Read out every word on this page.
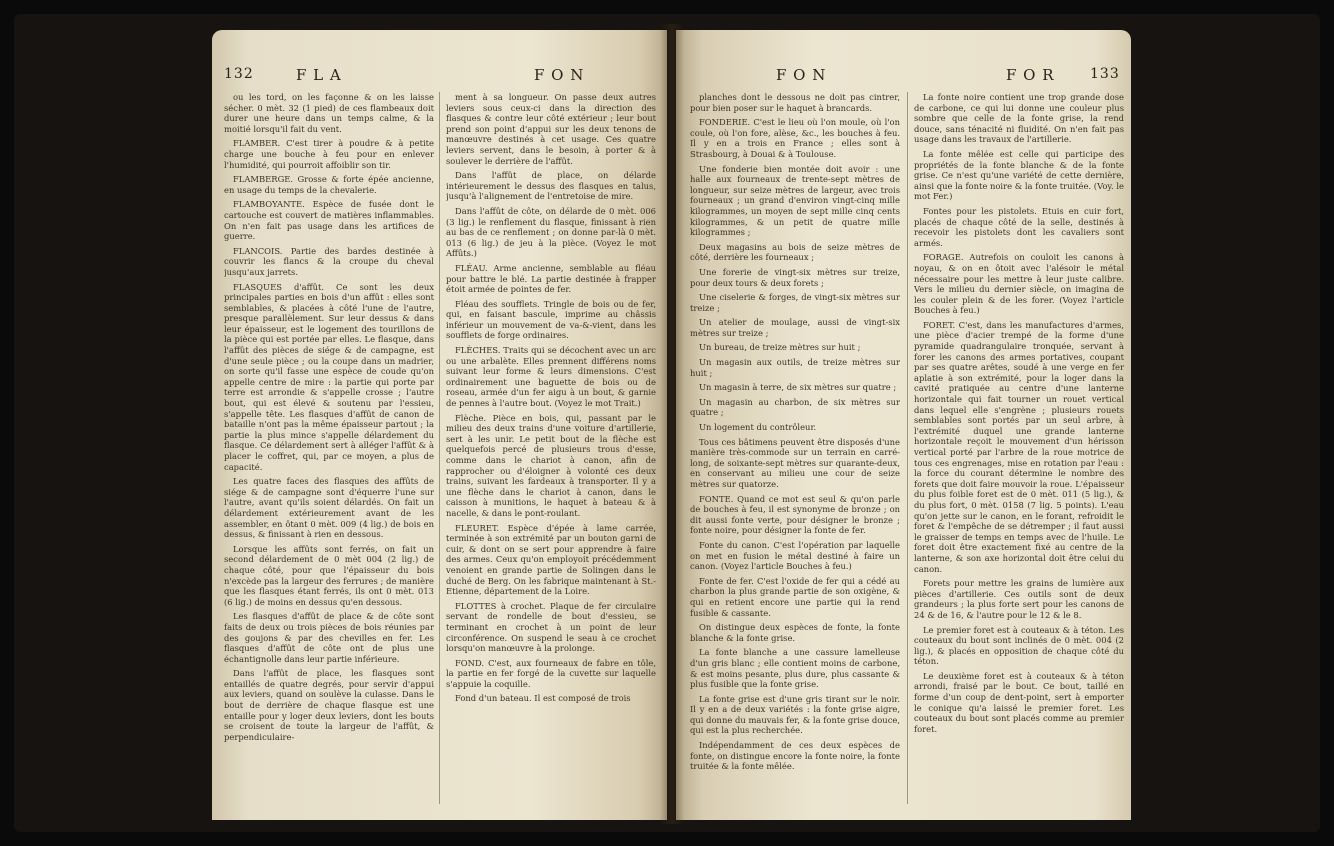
132	F L A	F O N

ou les tord, on les façonne & on les laisse sécher. 0 mèt. 32 (1 pied) de ces flambeaux doit durer une heure dans un temps calme, & la moitié lorsqu'il fait du vent.

FLAMBER. C'est tirer à poudre & à petite charge une bouche à feu pour en enlever l'humidité, qui pourroit affoiblir son tir.

FLAMBERGE. Grosse & forte épée ancienne, en usage du temps de la chevalerie.

FLAMBOYANTE. Espèce de fusée dont le cartouche est couvert de matières inflammables. On n'en fait pas usage dans les artifices de guerre.

FLANCOIS. Partie des bardes destinée à couvrir les flancs & la croupe du cheval jusqu'aux jarrets.

FLASQUES d'affût. Ce sont les deux principales parties en bois d'un affût : elles sont semblables, & placées à côté l'une de l'autre, presque parallèlement. Sur leur dessus & dans leur épaisseur, est le logement des tourillons de la pièce qui est portée par elles. Le flasque, dans l'affût des pièces de siége & de campagne, est d'une seule pièce ; ou la coupe dans un madrier, on sorte qu'il fasse une espèce de coude qu'on appelle centre de mire : la partie qui porte par terre est arrondie & s'appelle crosse ; l'autre bout, qui est élevé & soutenu par l'essieu, s'appelle tête. Les flasques d'affût de canon de bataille n'ont pas la même épaisseur partout ; la partie la plus mince s'appelle délardement du flasque. Ce délardement sert à alléger l'affût & à placer le coffret, qui, par ce moyen, a plus de capacité.

Les quatre faces des flasques des affûts de siége & de campagne sont d'équerre l'une sur l'autre, avant qu'ils soient délardés. On fait un délardement extérieurement avant de les assembler, en ôtant 0 mèt. 009 (4 lig.) de bois en dessus, & finissant à rien en dessous.

Lorsque les affûts sont ferrés, on fait un second délardement de 0 mèt 004 (2 lig.) de chaque côté, pour que l'épaisseur du bois n'excède pas la largeur des ferrures ; de manière que les flasques étant ferrés, ils ont 0 mèt. 013 (6 lig.) de moins en dessus qu'en dessous.

Les flasques d'affût de place & de côte sont faits de deux ou trois pièces de bois réunies par des goujons & par des chevilles en fer. Les flasques d'affût de côte ont de plus une échantignolle dans leur partie inférieure.

Dans l'affût de place, les flasques sont entaillés de quatre degrés, pour servir d'appui aux leviers, quand on soulève la culasse. Dans le bout de derrière de chaque flasque est une entaille pour y loger deux leviers, dont les bouts se croisent de toute la largeur de l'affût, & perpendiculaire-

ment à sa longueur. On passe deux autres leviers sous ceux-ci dans la direction des flasques & contre leur côté extérieur ; leur bout prend son point d'appui sur les deux tenons de manœuvre destinés à cet usage. Ces quatre leviers servent, dans le besoin, à porter & à soulever le derrière de l'affût.

Dans l'affût de place, on délarde intérieurement le dessus des flasques en talus, jusqu'à l'alignement de l'entretoise de mire.

Dans l'affût de côte, on délarde de 0 mèt. 006 (3 lig.) le renflement du flasque, finissant à rien au bas de ce renflement ; on donne par-là 0 mèt. 013 (6 lig.) de jeu à la pièce. (Voyez le mot Affûts.)

FLÉAU. Arme ancienne, semblable au fléau pour battre le blé. La partie destinée à frapper étoit armée de pointes de fer.

Fléau des soufflets. Tringle de bois ou de fer, qui, en faisant bascule, imprime au châssis inférieur un mouvement de va-&-vient, dans les soufflets de forge ordinaires.

FLÈCHES. Traits qui se décochent avec un arc ou une arbalète. Elles prennent différens noms suivant leur forme & leurs dimensions. C'est ordinairement une baguette de bois ou de roseau, armée d'un fer aigu à un bout, & garnie de pennes à l'autre bout. (Voyez le mot Trait.)

Flèche. Pièce en bois, qui, passant par le milieu des deux trains d'une voiture d'artillerie, sert à les unir. Le petit bout de la flèche est quelquefois percé de plusieurs trous d'esse, comme dans le chariot à canon, afin de rapprocher ou d'éloigner à volonté ces deux trains, suivant les fardeaux à transporter. Il y a une flèche dans le chariot à canon, dans le caisson à munitions, le haquet à bateau & à nacelle, & dans le pont-roulant.

FLEURET. Espèce d'épée à lame carrée, terminée à son extrémité par un bouton garni de cuir, & dont on se sert pour apprendre à faire des armes. Ceux qu'on employoit précédemment venoient en grande partie de Solingen dans le duché de Berg. On les fabrique maintenant à St.-Etienne, département de la Loire.

FLOTTES à crochet. Plaque de fer circulaire servant de rondelle de bout d'essieu, se terminant en crochet à un point de leur circonférence. On suspend le seau à ce crochet lorsqu'on manœuvre à la prolonge.

FOND. C'est, aux fourneaux de fabre en tôle, la partie en fer forgé de la cuvette sur laquelle s'appuie la coquille.

Fond d'un bateau. Il est composé de trois

F O N	F O R	133

planches dont le dessous ne doit pas cintrer, pour bien poser sur le haquet à brancards.

FONDERIE. C'est le lieu où l'on moule, où l'on coule, où l'on fore, alèse, &c., les bouches à feu. Il y en a trois en France ; elles sont à Strasbourg, à Douai & à Toulouse.

Une fonderie bien montée doit avoir : une halle aux fourneaux de trente-sept mètres de longueur, sur seize mètres de largeur, avec trois fourneaux ; un grand d'environ vingt-cinq mille kilogrammes, un moyen de sept mille cinq cents kilogrammes, & un petit de quatre mille kilogrammes ;

Deux magasins au bois de seize mètres de côté, derrière les fourneaux ;

Une forerie de vingt-six mètres sur treize, pour deux tours & deux forets ;

Une ciselerie & forges, de vingt-six mètres sur treize ;

Un atelier de moulage, aussi de vingt-six mètres sur treize ;

Un bureau, de treize mètres sur huit ;

Un magasin aux outils, de treize mètres sur huit ;

Un magasin à terre, de six mètres sur quatre ;

Un magasin au charbon, de six mètres sur quatre ;

Un logement du contrôleur.

Tous ces bâtimens peuvent être disposés d'une manière très-commode sur un terrain en carré-long, de soixante-sept mètres sur quarante-deux, en conservant au milieu une cour de seize mètres sur quatorze.

FONTE. Quand ce mot est seul & qu'on parle de bouches à feu, il est synonyme de bronze ; on dit aussi fonte verte, pour désigner le bronze ; fonte noire, pour désigner la fonte de fer.

Fonte du canon. C'est l'opération par laquelle on met en fusion le métal destiné à faire un canon. (Voyez l'article Bouches à feu.)

Fonte de fer. C'est l'oxide de fer qui a cédé au charbon la plus grande partie de son oxigène, & qui en retient encore une partie qui la rend fusible & cassante.

On distingue deux espèces de fonte, la fonte blanche & la fonte grise.

La fonte blanche a une cassure lamelleuse d'un gris blanc ; elle contient moins de carbone, & est moins pesante, plus dure, plus cassante & plus fusible que la fonte grise.

La fonte grise est d'une gris tirant sur le noir. Il y en a de deux variétés : la fonte grise aigre, qui donne du mauvais fer, & la fonte grise douce, qui est la plus recherchée.

Indépendamment de ces deux espèces de fonte, on distingue encore la fonte noire, la fonte truitée & la fonte mêlée.

La fonte noire contient une trop grande dose de carbone, ce qui lui donne une couleur plus sombre que celle de la fonte grise, la rend douce, sans ténacité ni fluidité. On n'en fait pas usage dans les travaux de l'artillerie.

La fonte mêlée est celle qui participe des propriétés de la fonte blanche & de la fonte grise. Ce n'est qu'une variété de cette dernière, ainsi que la fonte noire & la fonte truitée. (Voy. le mot Fer.)

Fontes pour les pistolets. Etuis en cuir fort, placés de chaque côté de la selle, destinés à recevoir les pistolets dont les cavaliers sont armés.

FORAGE. Autrefois on couloit les canons à noyau, & on en ôtoit avec l'alésoir le métal nécessaire pour les mettre à leur juste calibre. Vers le milieu du dernier siècle, on imagina de les couler plein & de les forer. (Voyez l'article Bouches à feu.)

FORET. C'est, dans les manufactures d'armes, une pièce d'acier trempé de la forme d'une pyramide quadrangulaire tronquée, servant à forer les canons des armes portatives, coupant par ses quatre arêtes, soudé à une verge en fer aplatie à son extrémité, pour la loger dans la cavité pratiquée au centre d'une lanterne horizontale qui fait tourner un rouet vertical dans lequel elle s'engrène ; plusieurs rouets semblables sont portés par un seul arbre, à l'extrémité duquel une grande lanterne horizontale reçoit le mouvement d'un hérisson vertical porté par l'arbre de la roue motrice de tous ces engrenages, mise en rotation par l'eau : la force du courant détermine le nombre des forets que doit faire mouvoir la roue. L'épaisseur du plus foible foret est de 0 mèt. 011 (5 lig.), & du plus fort, 0 mèt. 0158 (7 lig. 5 points). L'eau qu'on jette sur le canon, en le forant, refroidit le foret & l'empêche de se détremper ; il faut aussi le graisser de temps en temps avec de l'huile. Le foret doit être exactement fixé au centre de la lanterne, & son axe horizontal doit être celui du canon.

Forets pour mettre les grains de lumière aux pièces d'artillerie. Ces outils sont de deux grandeurs ; la plus forte sert pour les canons de 24 & de 16, & l'autre pour le 12 & le 8.

Le premier foret est à couteaux & à téton. Les couteaux du bout sont inclinés de 0 mèt. 004 (2 lig.), & placés en opposition de chaque côté du téton.

Le deuxième foret est à couteaux & à téton arrondi, fraisé par le bout. Ce bout, taillé en forme d'un coup de dent-point, sert à emporter le conique qu'a laissé le premier foret. Les couteaux du bout sont placés comme au premier foret.
